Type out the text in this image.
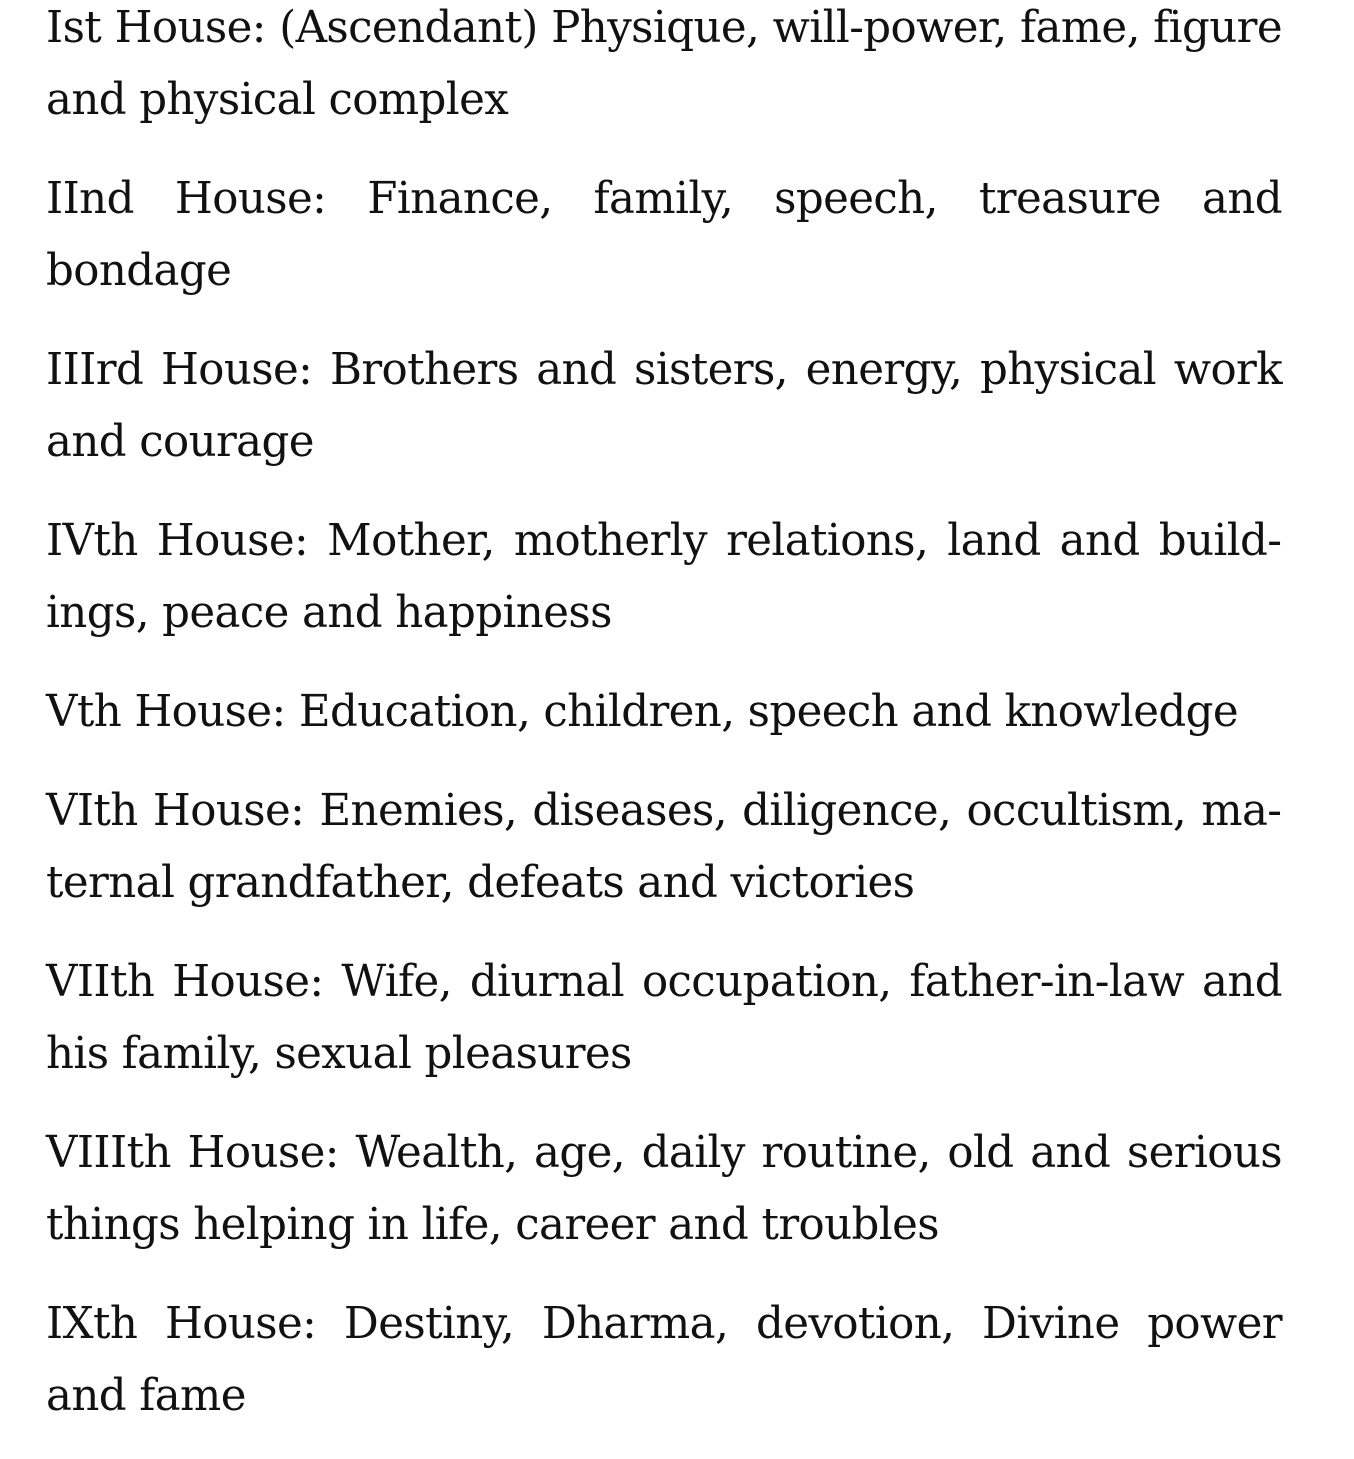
Ist House: (Ascendant) Physique, will-power, fame, figure and physical complex

IInd House: Finance, family, speech, treasure and bondage

IIIrd House: Brothers and sisters, energy, physical work and courage

IVth House: Mother, motherly relations, land and buildings, peace and happiness

Vth House: Education, children, speech and knowledge

VIth House: Enemies, diseases, diligence, occultism, maternal grandfather, defeats and victories

VIIth House: Wife, diurnal occupation, father-in-law and his family, sexual pleasures

VIIIth House: Wealth, age, daily routine, old and serious things helping in life, career and troubles

IXth House: Destiny, Dharma, devotion, Divine power and fame
